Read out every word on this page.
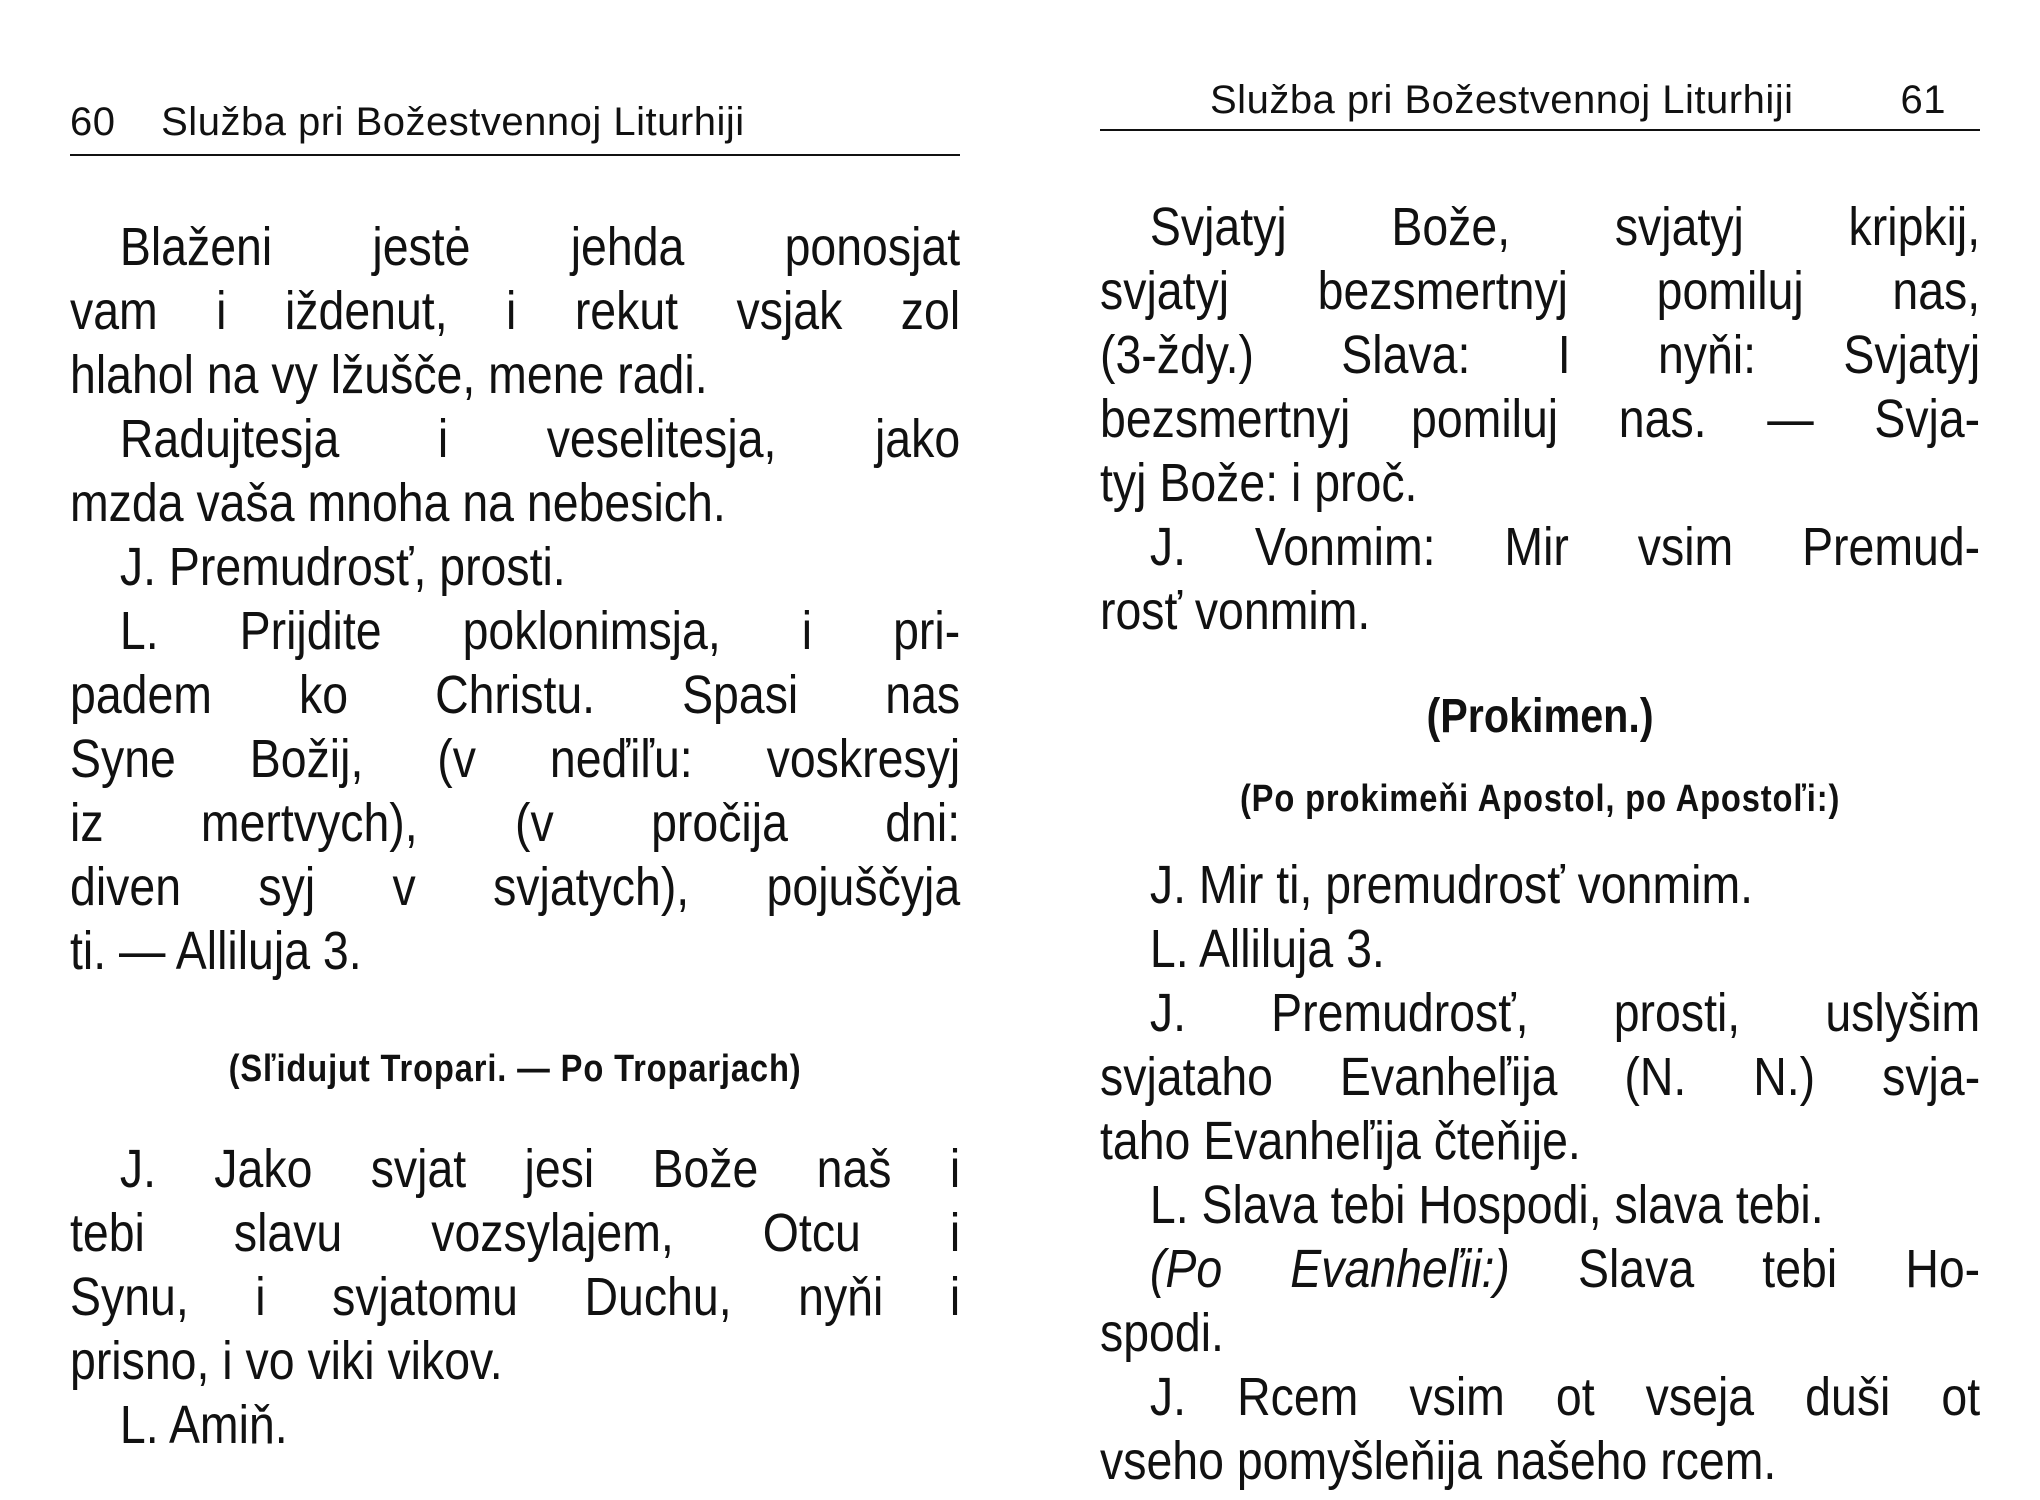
60 Služba pri Božestvennoj Liturhiji
Blaženi jestė jehda ponosjat
vam i iždenut, i rekut vsjak zol
hlahol na vy lžušče, mene radi.
Radujtesja i veselitesja, jako
mzda vaša mnoha na nebesich.
J. Premudrosť, prosti.
L. Prijdite poklonimsja, i pri-
padem ko Christu. Spasi nas
Syne Božij, (v neďiľu: voskresyj
iz mertvych), (v pročija dni:
diven syj v svjatych), pojuščyja
ti. — Alliluja 3.
(Sľidujut Tropari. — Po Troparjach)
J. Jako svjat jesi Bože naš i
tebi slavu vozsylajem, Otcu i
Synu, i svjatomu Duchu, nyňi i
prisno, i vo viki vikov.
L. Amiň.
Služba pri Božestvennoj Liturhiji	61
Svjatyj Bože, svjatyj kripkij,
svjatyj bezsmertnyj pomiluj nas,
(3-ždy.) Slava: I nyňi: Svjatyj
bezsmertnyj pomiluj nas. — Svja-
tyj Bože: i proč.
J. Vonmim: Mir vsim Premud-
rosť vonmim.
(Prokimen.)
(Po prokimeňi Apostol, po Apostoľi:)
J. Mir ti, premudrosť vonmim.
L. Alliluja 3.
J. Premudrosť, prosti, uslyšim
svjataho Evanheľija (N. N.) svja-
taho Evanheľija čteňije.
L. Slava tebi Hospodi, slava tebi.
(Po Evanheľii:) Slava tebi Ho-
spodi.
J. Rcem vsim ot vseja duši ot
vseho pomyšleňija našeho rcem.
